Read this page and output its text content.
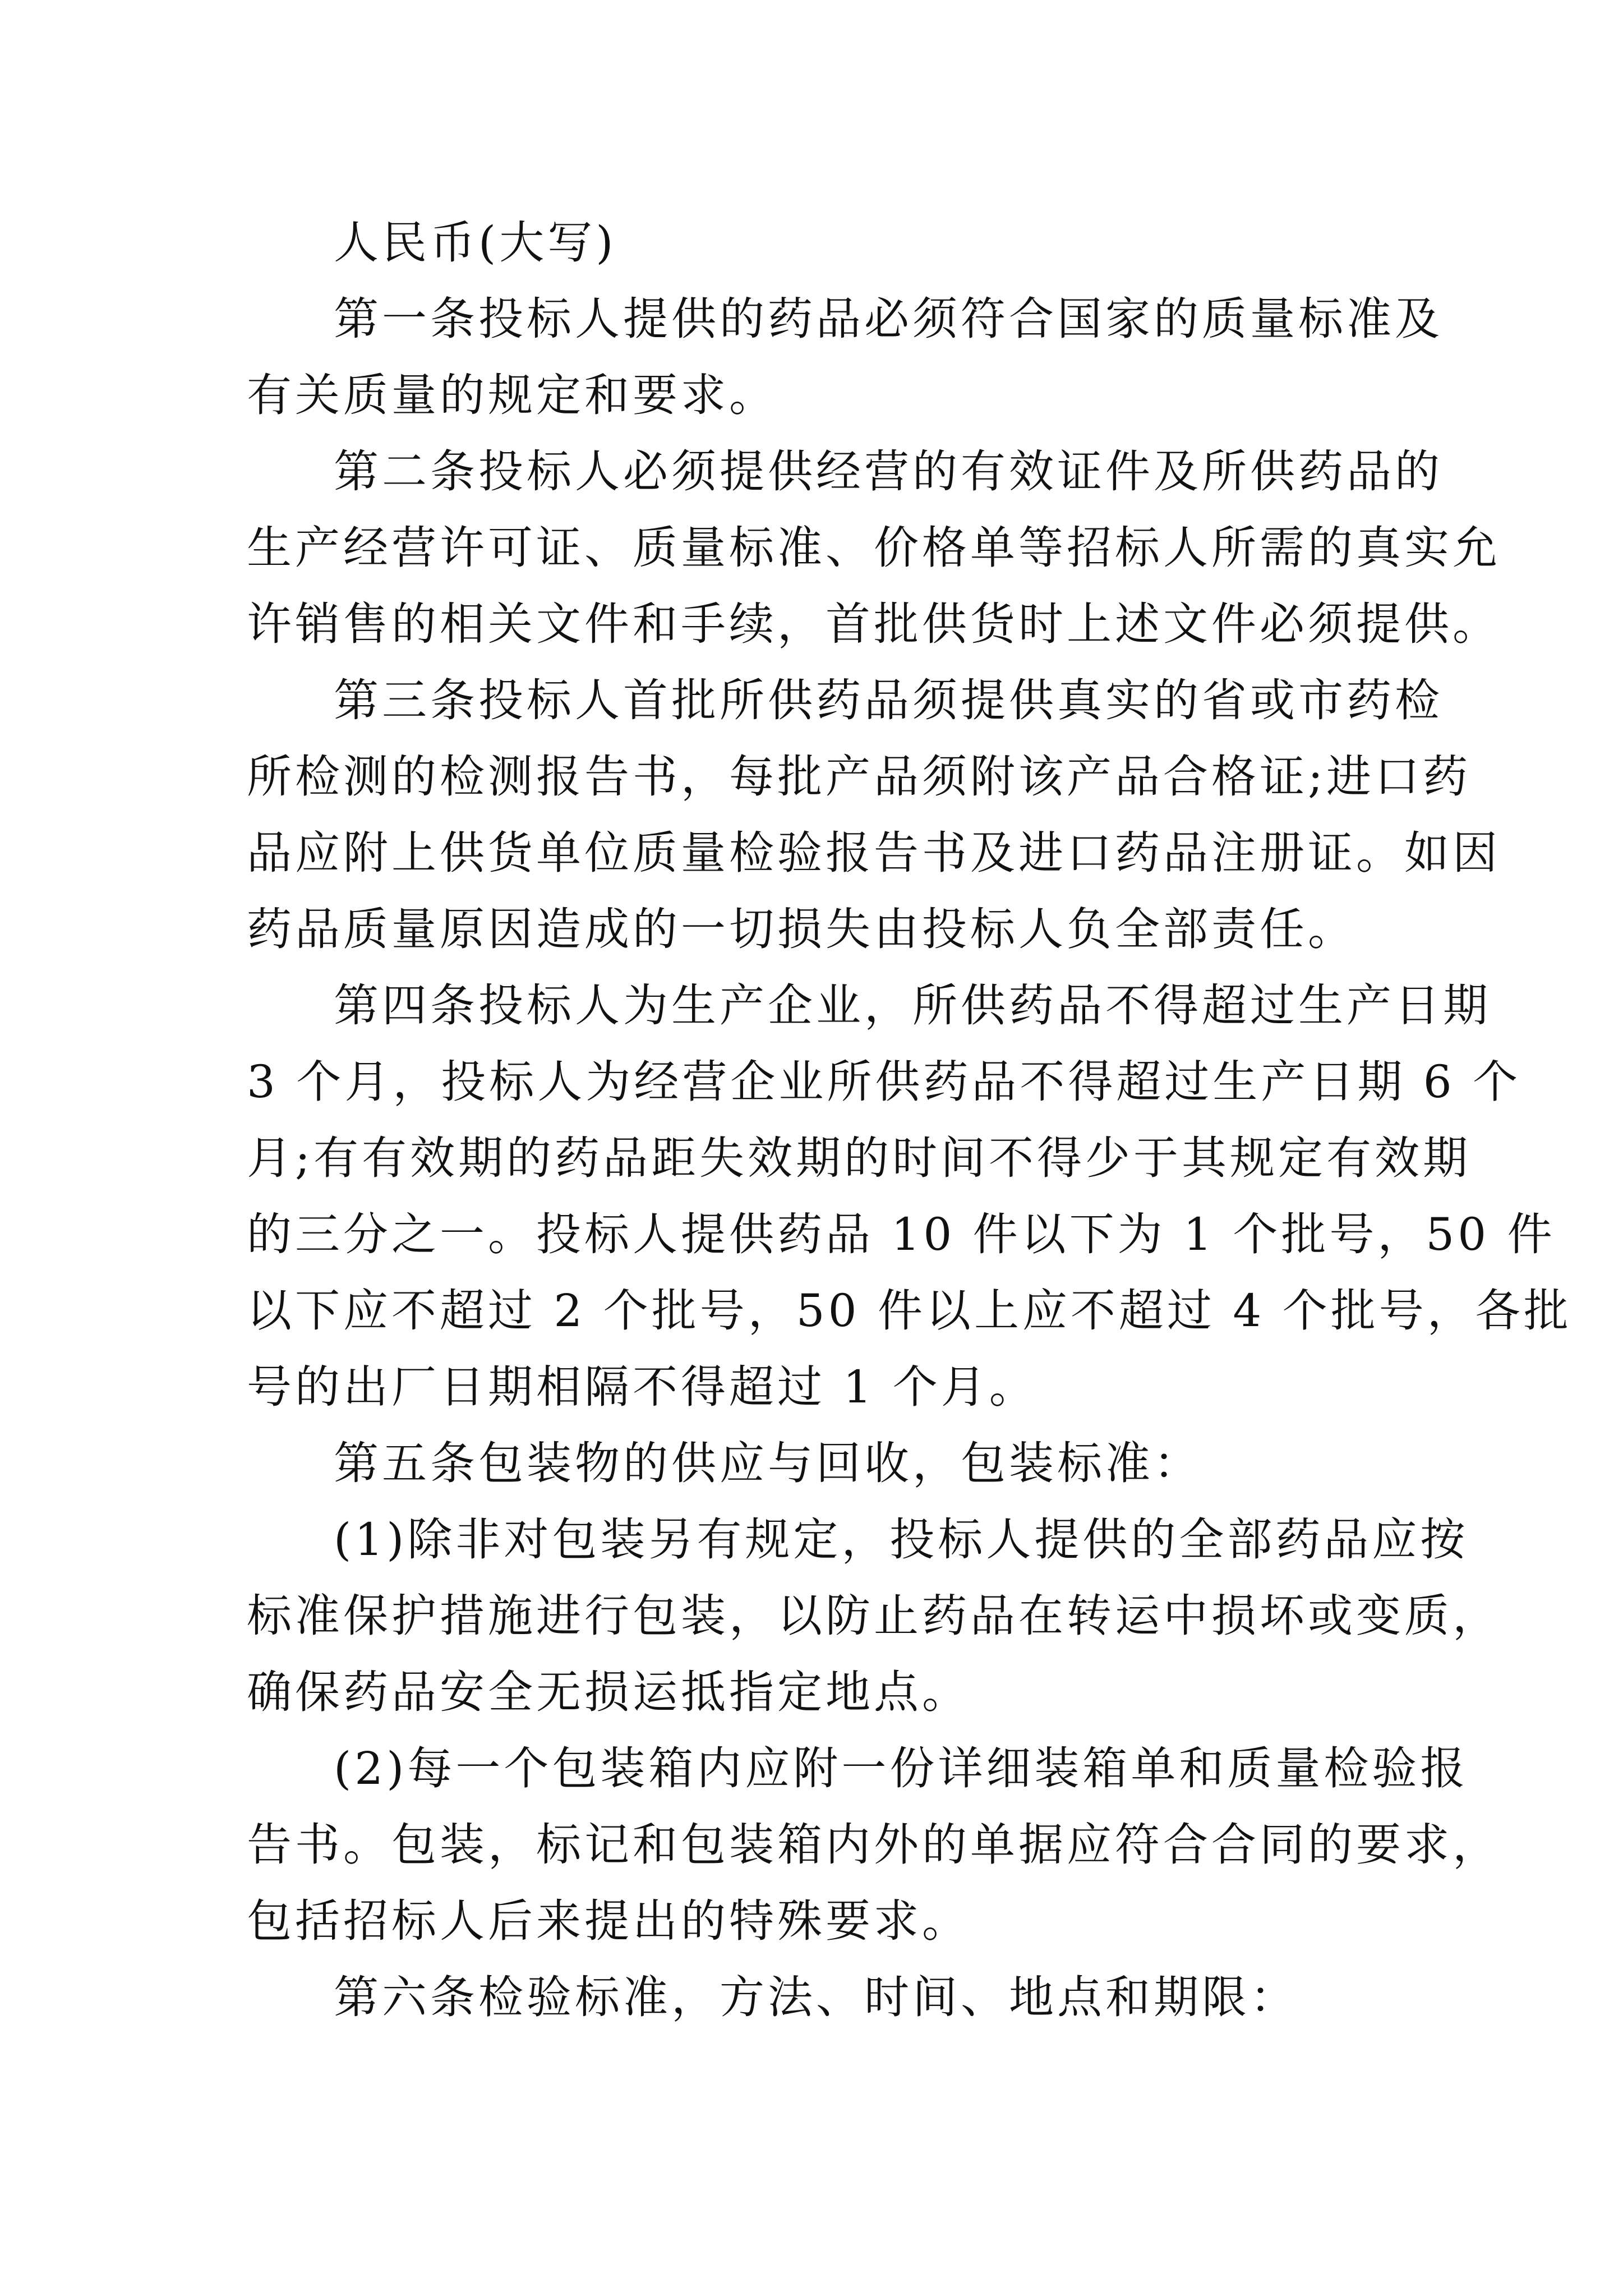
人民币(大写)
第一条投标人提供的药品必须符合国家的质量标准及
有关质量的规定和要求。
第二条投标人必须提供经营的有效证件及所供药品的
生产经营许可证、质量标准、价格单等招标人所需的真实允
许销售的相关文件和手续，首批供货时上述文件必须提供。
第三条投标人首批所供药品须提供真实的省或市药检
所检测的检测报告书，每批产品须附该产品合格证;进口药
品应附上供货单位质量检验报告书及进口药品注册证。如因
药品质量原因造成的一切损失由投标人负全部责任。
第四条投标人为生产企业，所供药品不得超过生产日期
3 个月，投标人为经营企业所供药品不得超过生产日期 6 个
月;有有效期的药品距失效期的时间不得少于其规定有效期
的三分之一。投标人提供药品 10 件以下为 1 个批号，50 件
以下应不超过 2 个批号，50 件以上应不超过 4 个批号，各批
号的出厂日期相隔不得超过 1 个月。
第五条包装物的供应与回收，包装标准：
(1)除非对包装另有规定，投标人提供的全部药品应按
标准保护措施进行包装，以防止药品在转运中损坏或变质，
确保药品安全无损运抵指定地点。
(2)每一个包装箱内应附一份详细装箱单和质量检验报
告书。包装，标记和包装箱内外的单据应符合合同的要求，
包括招标人后来提出的特殊要求。
第六条检验标准，方法、时间、地点和期限：
